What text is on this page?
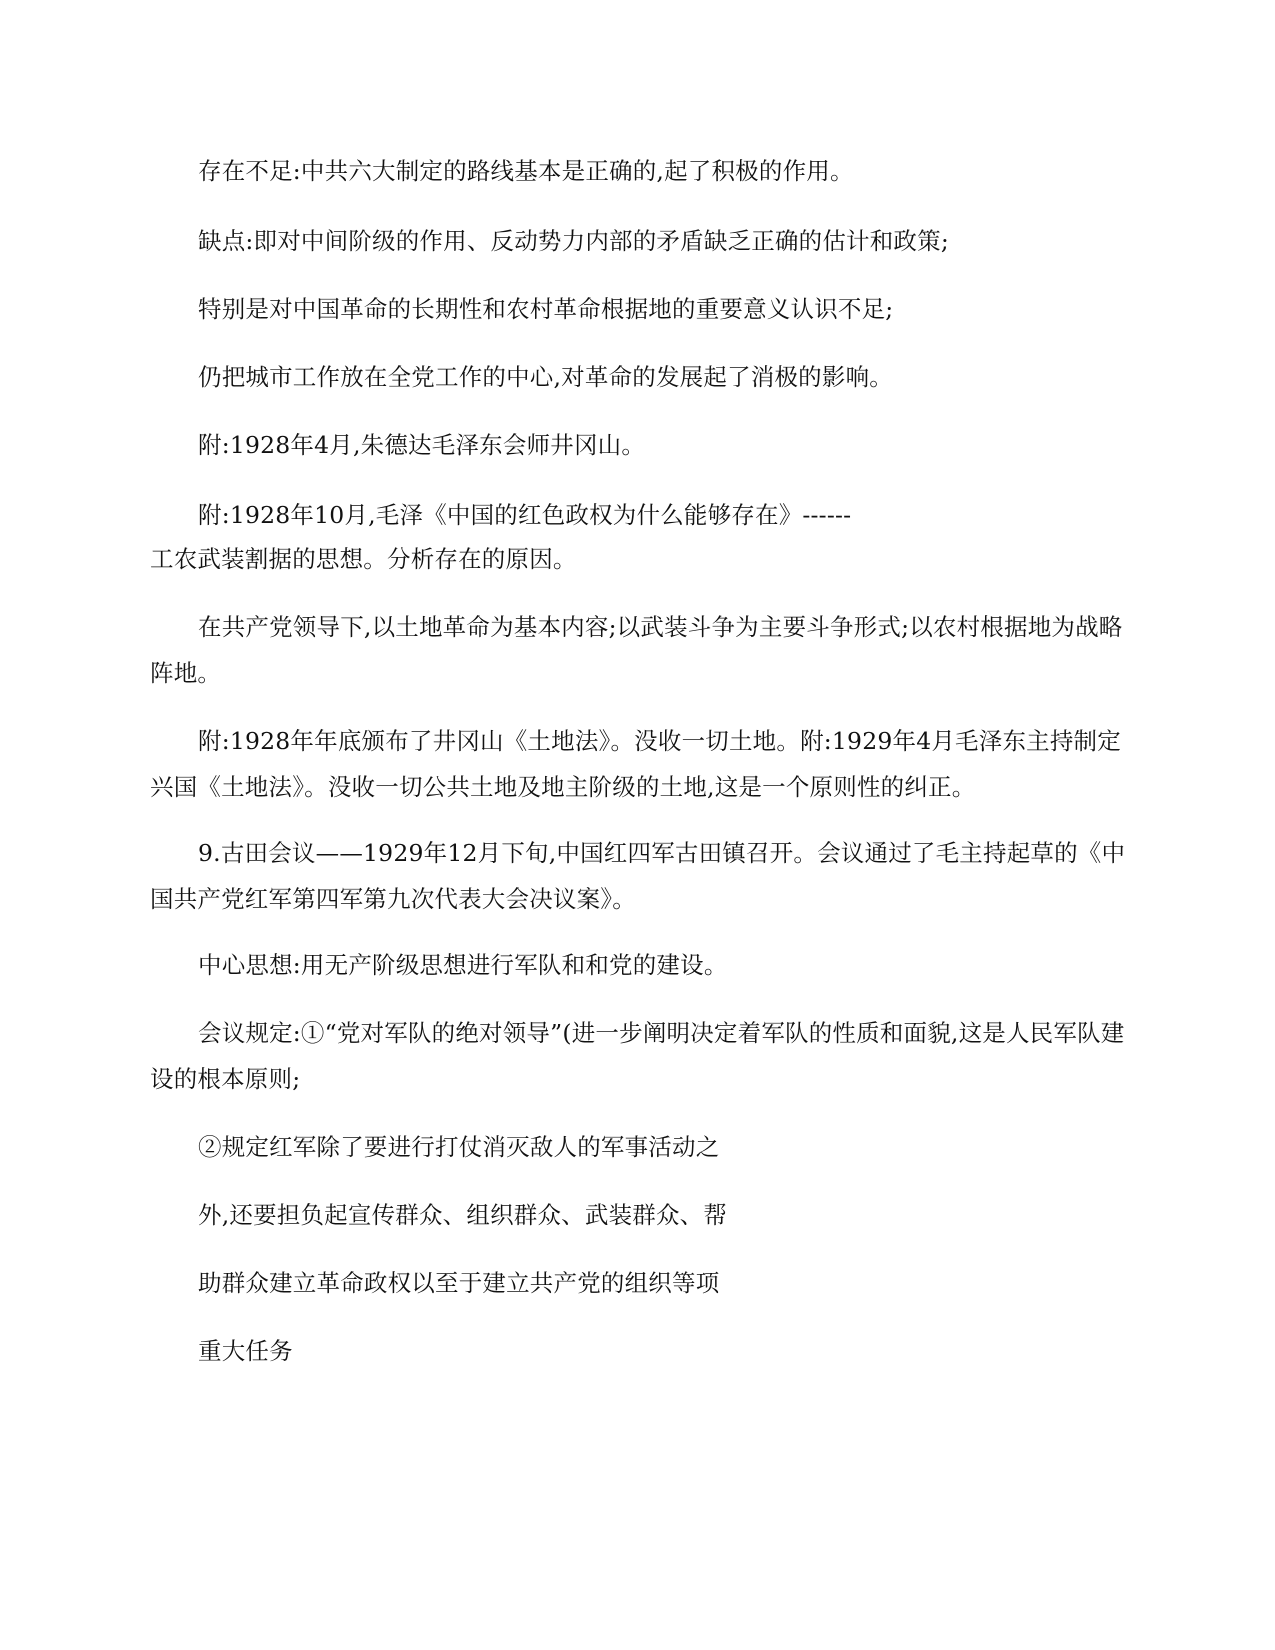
存在不足:中共六大制定的路线基本是正确的,起了积极的作用。

缺点:即对中间阶级的作用、反动势力内部的矛盾缺乏正确的估计和政策;

特别是对中国革命的长期性和农村革命根据地的重要意义认识不足;

仍把城市工作放在全党工作的中心,对革命的发展起了消极的影响。

附:1928年4月,朱德达毛泽东会师井冈山。

附:1928年10月,毛泽《中国的红色政权为什么能够存在》------

工农武装割据的思想。分析存在的原因。

在共产党领导下,以土地革命为基本内容;以武装斗争为主要斗争形式;以农村根据地为战略阵地。

附:1928年年底颁布了井冈山《土地法》。没收一切土地。附:1929年4月毛泽东主持制定兴国《土地法》。没收一切公共土地及地主阶级的土地,这是一个原则性的纠正。

9.古田会议——1929年12月下旬,中国红四军古田镇召开。会议通过了毛主持起草的《中国共产党红军第四军第九次代表大会决议案》。

中心思想:用无产阶级思想进行军队和和党的建设。

会议规定:①“党对军队的绝对领导”(进一步阐明决定着军队的性质和面貌,这是人民军队建设的根本原则;

②规定红军除了要进行打仗消灭敌人的军事活动之

外,还要担负起宣传群众、组织群众、武装群众、帮

助群众建立革命政权以至于建立共产党的组织等项

重大任务
